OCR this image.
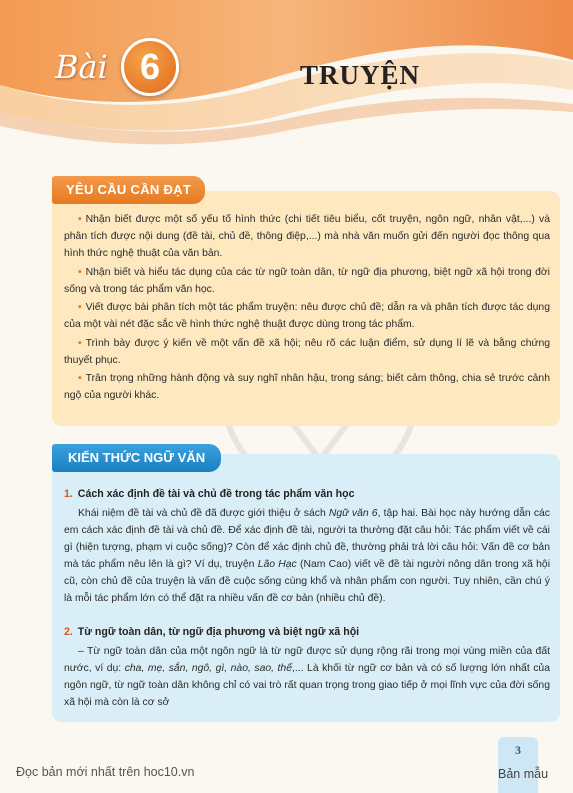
Bài 6	TRUYỆN
YÊU CẦU CẦN ĐẠT
• Nhận biết được một số yếu tố hình thức (chi tiết tiêu biểu, cốt truyện, ngôn ngữ, nhân vật,...) và phân tích được nội dung (đề tài, chủ đề, thông điệp,...) mà nhà văn muốn gửi đến người đọc thông qua hình thức nghệ thuật của văn bản.
• Nhận biết và hiểu tác dụng của các từ ngữ toàn dân, từ ngữ địa phương, biệt ngữ xã hội trong đời sống và trong tác phẩm văn học.
• Viết được bài phân tích một tác phẩm truyện: nêu được chủ đề; dẫn ra và phân tích được tác dụng của một vài nét đặc sắc về hình thức nghệ thuật được dùng trong tác phẩm.
• Trình bày được ý kiến về một vấn đề xã hội; nêu rõ các luận điểm, sử dụng lí lẽ và bằng chứng thuyết phục.
• Trân trọng những hành động và suy nghĩ nhân hậu, trong sáng; biết cảm thông, chia sẻ trước cảnh ngộ của người khác.
KIẾN THỨC NGỮ VĂN
1. Cách xác định đề tài và chủ đề trong tác phẩm văn học

Khái niệm đề tài và chủ đề đã được giới thiệu ở sách Ngữ văn 6, tập hai. Bài học này hướng dẫn các em cách xác định đề tài và chủ đề. Để xác định đề tài, người ta thường đặt câu hỏi: Tác phẩm viết về cái gì (hiện tượng, phạm vi cuộc sống)? Còn để xác định chủ đề, thường phải trả lời câu hỏi: Vấn đề cơ bản mà tác phẩm nêu lên là gì? Ví dụ, truyện Lão Hạc (Nam Cao) viết về đề tài người nông dân trong xã hội cũ, còn chủ đề của truyện là vấn đề cuộc sống cùng khổ và nhân phẩm con người. Tuy nhiên, cần chú ý là mỗi tác phẩm lớn có thể đặt ra nhiều vấn đề cơ bản (nhiều chủ đề).

2. Từ ngữ toàn dân, từ ngữ địa phương và biệt ngữ xã hội

– Từ ngữ toàn dân của một ngôn ngữ là từ ngữ được sử dụng rộng rãi trong mọi vùng miền của đất nước, ví dụ: cha, mẹ, sắn, ngô, gì, nào, sao, thế,... Là khối từ ngữ cơ bản và có số lượng lớn nhất của ngôn ngữ, từ ngữ toàn dân không chỉ có vai trò rất quan trọng trong giao tiếp ở mọi lĩnh vực của đời sống xã hội mà còn là cơ sở

3
Đọc bản mới nhất trên hoc10.vn	Bản mẫu
